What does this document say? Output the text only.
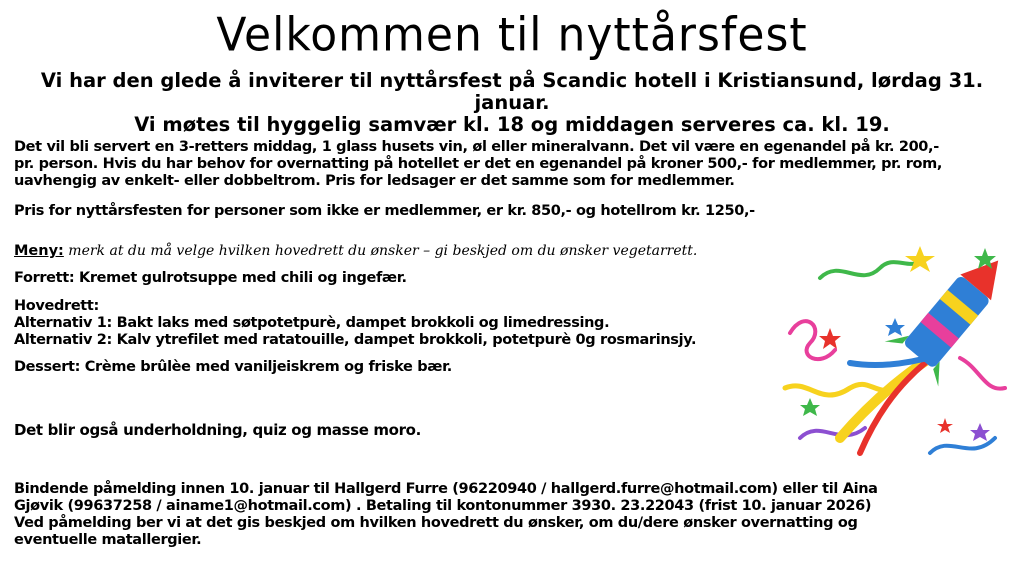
Velkommen til nyttårsfest
Vi har den glede å inviterer til nyttårsfest på Scandic hotell i Kristiansund, lørdag 31. januar.
Vi møtes til hyggelig samvær kl. 18 og middagen serveres ca. kl. 19.
Det vil bli servert en 3-retters middag, 1 glass husets vin, øl eller mineralvann. Det vil være en egenandel på kr. 200,-
pr. person. Hvis du har behov for overnatting på hotellet er det en egenandel på kroner 500,- for medlemmer, pr. rom,
uavhengig av enkelt- eller dobbeltrom. Pris for ledsager er det samme som for medlemmer.
Pris for nyttårsfesten for personer som ikke er medlemmer, er kr. 850,- og hotellrom kr. 1250,-
Meny: merk at du må velge hvilken hovedrett du ønsker – gi beskjed om du ønsker vegetarrett.
Forrett: Kremet gulrotsuppe med chili og ingefær.
Hovedrett:
Alternativ 1: Bakt laks med søtpotetpurè, dampet brokkoli og limedressing.
Alternativ 2: Kalv ytrefilet med ratatouille, dampet brokkoli, potetpurè 0g rosmarinsjy.
Dessert: Crème brûlèe med vaniljeiskrem og friske bær.
Det blir også underholdning, quiz og masse moro.
Bindende påmelding innen 10. januar til Hallgerd Furre (96220940 / hallgerd.furre@hotmail.com) eller til Aina
Gjøvik (99637258 / ainame1@hotmail.com) . Betaling til kontonummer 3930. 23.22043 (frist 10. januar 2026)
Ved påmelding ber vi at det gis beskjed om hvilken hovedrett du ønsker, om du/dere ønsker overnatting og
eventuelle matallergier.
